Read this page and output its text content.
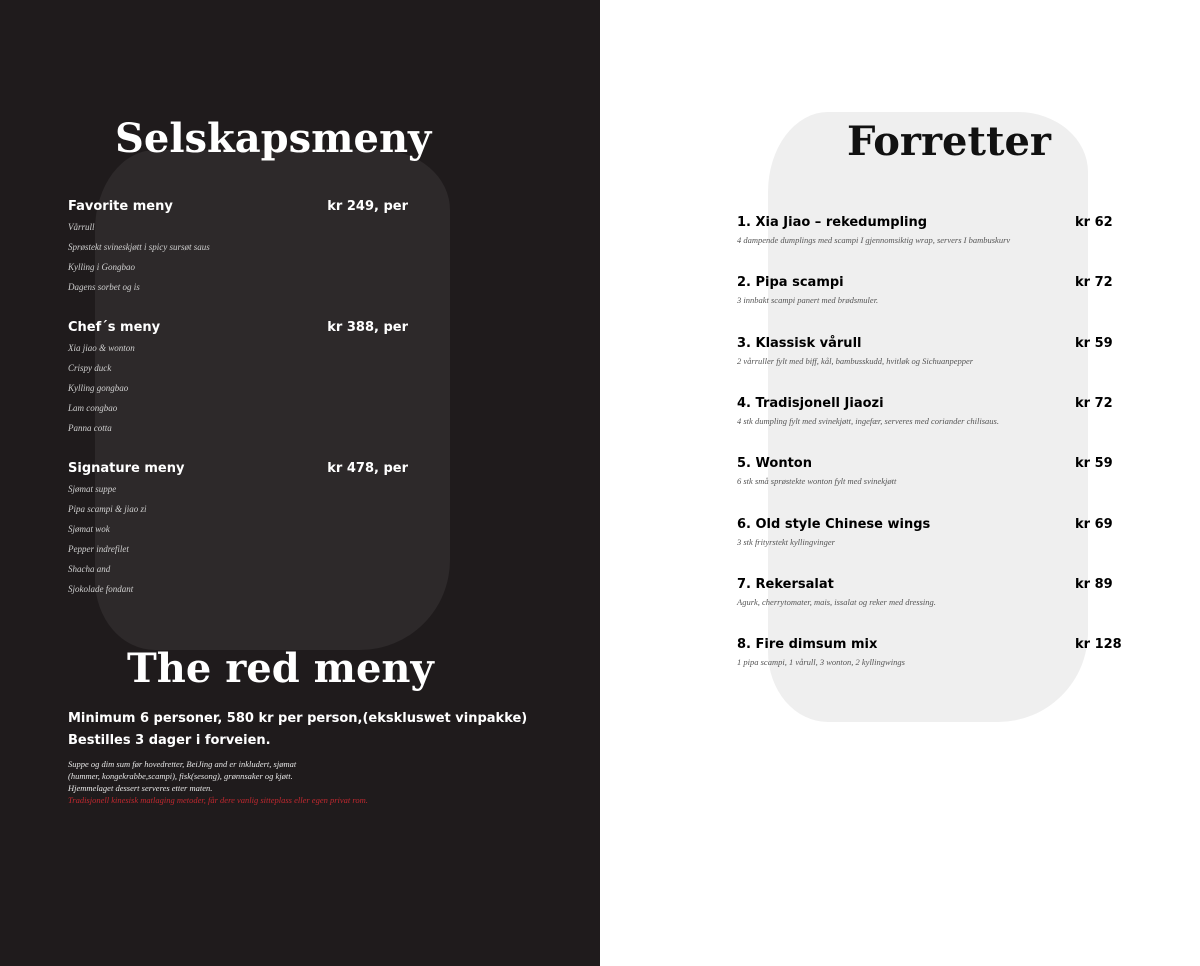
Selskapsmeny
Favorite meny	kr 249, per
Vårrull
Sprøstekt svineskjøtt i spicy sursøt saus
Kylling i Gongbao
Dagens sorbet og is
Chef´s meny	kr 388, per
Xia jiao & wonton
Crispy duck
Kylling gongbao
Lam congbao
Panna cotta
Signature meny	kr 478, per
Sjømat suppe
Pipa scampi & jiao zi
Sjømat wok
Pepper indrefilet
Shacha and
Sjokolade fondant
The red meny
Minimum 6 personer, 580 kr per person,(ekskluswet vinpakke)
Bestilles 3 dager i forveien.
Suppe og dim sum før hovedretter, BeiJing and er inkludert, sjømat
(hummer, kongekrabbe,scampi), fisk(sesong), grønnsaker og kjøtt.
Hjemmelaget dessert serveres etter maten.
Tradisjonell kinesisk matlaging metoder, får dere vanlig sitteplass eller egen privat rom.
Forretter
1. Xia Jiao – rekedumpling	kr 62
4 dampende dumplings med scampi I gjennomsiktig wrap, servers I bambuskurv
2. Pipa scampi	kr 72
3 innbakt scampi panert med brødsmuler.
3. Klassisk vårull	kr 59
2 vårruller fylt med biff, kål, bambusskudd, hvitløk og Sichuanpepper
4. Tradisjonell Jiaozi	kr 72
4 stk dumpling fylt med svinekjøtt, ingefær, serveres med coriander chilisaus.
5. Wonton	kr 59
6 stk små sprøstekte wonton fylt med svinekjøtt
6. Old style Chinese wings	kr 69
3 stk frityrstekt kyllingvinger
7. Rekersalat	kr 89
Agurk, cherrytomater, mais, issalat og reker med dressing.
8. Fire dimsum mix	kr 128
1 pipa scampi, 1 vårull, 3 wonton, 2 kyllingwings
